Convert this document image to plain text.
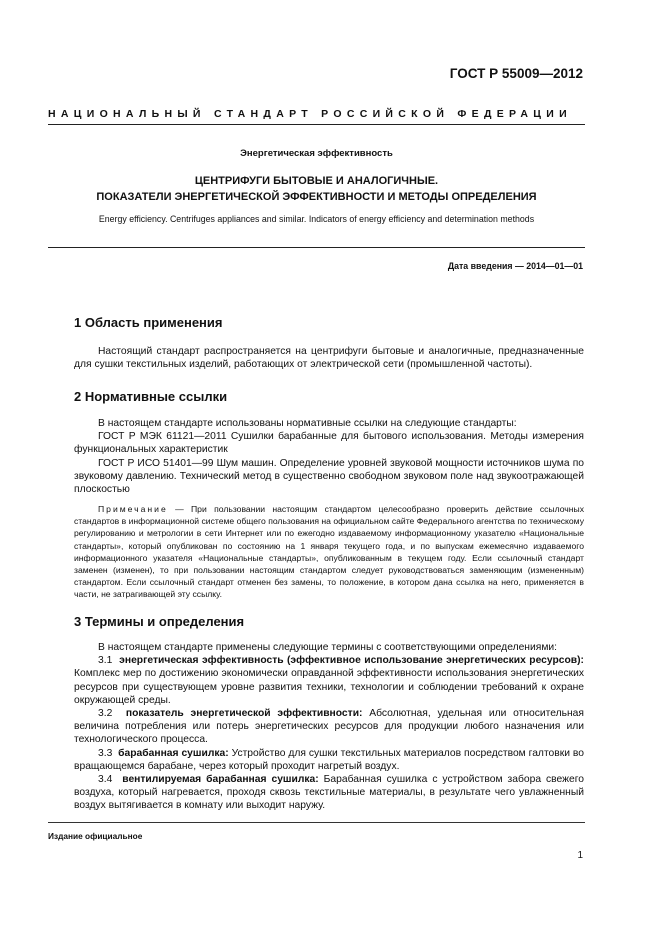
ГОСТ Р 55009—2012
НАЦИОНАЛЬНЫЙ СТАНДАРТ РОССИЙСКОЙ ФЕДЕРАЦИИ
Энергетическая эффективность
ЦЕНТРИФУГИ БЫТОВЫЕ И АНАЛОГИЧНЫЕ.
ПОКАЗАТЕЛИ ЭНЕРГЕТИЧЕСКОЙ ЭФФЕКТИВНОСТИ И МЕТОДЫ ОПРЕДЕЛЕНИЯ
Energy efficiency. Centrifuges appliances and similar. Indicators of energy efficiency and determination methods
Дата введения — 2014—01—01
1 Область применения

Настоящий стандарт распространяется на центрифуги бытовые и аналогичные, предназначенные для сушки текстильных изделий, работающих от электрической сети (промышленной частоты).

2 Нормативные ссылки

В настоящем стандарте использованы нормативные ссылки на следующие стандарты:

ГОСТ Р МЭК 61121—2011 Сушилки барабанные для бытового использования. Методы измерения функциональных характеристик

ГОСТ Р ИСО 51401—99 Шум машин. Определение уровней звуковой мощности источников шума по звуковому давлению. Технический метод в существенно свободном звуковом поле над звукоотражающей плоскостью

Примечание — При пользовании настоящим стандартом целесообразно проверить действие ссылочных стандартов в информационной системе общего пользования на официальном сайте Федерального агентства по техническому регулированию и метрологии в сети Интернет или по ежегодно издаваемому информационному указателю «Национальные стандарты», который опубликован по состоянию на 1 января текущего года, и по выпускам ежемесячно издаваемого информационного указателя «Национальные стандарты», опубликованным в текущем году. Если ссылочный стандарт заменен (изменен), то при пользовании настоящим стандартом следует руководствоваться заменяющим (измененным) стандартом. Если ссылочный стандарт отменен без замены, то положение, в котором дана ссылка на него, применяется в части, не затрагивающей эту ссылку.

3 Термины и определения

В настоящем стандарте применены следующие термины с соответствующими определениями:

3.1 энергетическая эффективность (эффективное использование энергетических ресурсов): Комплекс мер по достижению экономически оправданной эффективности использования энергетических ресурсов при существующем уровне развития техники, технологии и соблюдении требований к охране окружающей среды.

3.2 показатель энергетической эффективности: Абсолютная, удельная или относительная величина потребления или потерь энергетических ресурсов для продукции любого назначения или технологического процесса.

3.3 барабанная сушилка: Устройство для сушки текстильных материалов посредством галтовки во вращающемся барабане, через который проходит нагретый воздух.

3.4 вентилируемая барабанная сушилка: Барабанная сушилка с устройством забора свежего воздуха, который нагревается, проходя сквозь текстильные материалы, в результате чего увлажненный воздух вытягивается в комнату или выходит наружу.

Издание официальное
1
